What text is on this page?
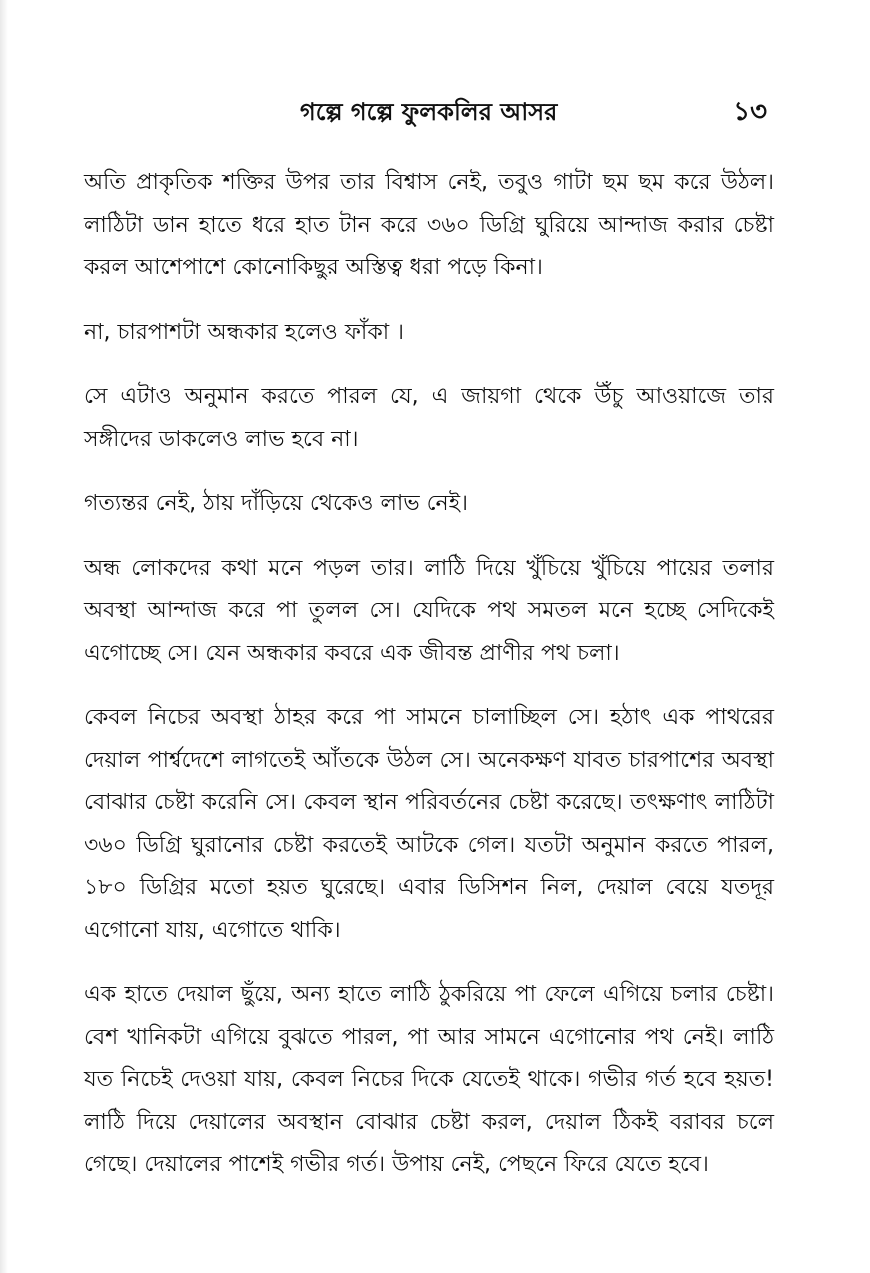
গল্পে গল্পে ফুলকলির আসর	১৩

অতি প্রাকৃতিক শক্তির উপর তার বিশ্বাস নেই, তবুও গাটা ছম ছম করে উঠল। লাঠিটা ডান হাতে ধরে হাত টান করে ৩৬০ ডিগ্রি ঘুরিয়ে আন্দাজ করার চেষ্টা করল আশেপাশে কোনোকিছুর অস্তিত্ব ধরা পড়ে কিনা।

না, চারপাশটা অন্ধকার হলেও ফাঁকা ।

সে এটাও অনুমান করতে পারল যে, এ জায়গা থেকে উঁচু আওয়াজে তার সঙ্গীদের ডাকলেও লাভ হবে না।

গত্যন্তর নেই, ঠায় দাঁড়িয়ে থেকেও লাভ নেই।

অন্ধ লোকদের কথা মনে পড়ল তার। লাঠি দিয়ে খুঁচিয়ে খুঁচিয়ে পায়ের তলার অবস্থা আন্দাজ করে পা তুলল সে। যেদিকে পথ সমতল মনে হচ্ছে সেদিকেই এগোচ্ছে সে। যেন অন্ধকার কবরে এক জীবন্ত প্রাণীর পথ চলা।

কেবল নিচের অবস্থা ঠাহর করে পা সামনে চালাচ্ছিল সে। হঠাৎ এক পাথরের দেয়াল পার্শ্বদেশে লাগতেই আঁতকে উঠল সে। অনেকক্ষণ যাবত চারপাশের অবস্থা বোঝার চেষ্টা করেনি সে। কেবল স্থান পরিবর্তনের চেষ্টা করেছে। তৎক্ষণাৎ লাঠিটা ৩৬০ ডিগ্রি ঘুরানোর চেষ্টা করতেই আটকে গেল। যতটা অনুমান করতে পারল, ১৮০ ডিগ্রির মতো হয়ত ঘুরেছে। এবার ডিসিশন নিল, দেয়াল বেয়ে যতদূর এগোনো যায়, এগোতে থাকি।

এক হাতে দেয়াল ছুঁয়ে, অন্য হাতে লাঠি ঠুকরিয়ে পা ফেলে এগিয়ে চলার চেষ্টা। বেশ খানিকটা এগিয়ে বুঝতে পারল, পা আর সামনে এগোনোর পথ নেই। লাঠি যত নিচেই দেওয়া যায়, কেবল নিচের দিকে যেতেই থাকে। গভীর গর্ত হবে হয়ত! লাঠি দিয়ে দেয়ালের অবস্থান বোঝার চেষ্টা করল, দেয়াল ঠিকই বরাবর চলে গেছে। দেয়ালের পাশেই গভীর গর্ত। উপায় নেই, পেছনে ফিরে যেতে হবে।
